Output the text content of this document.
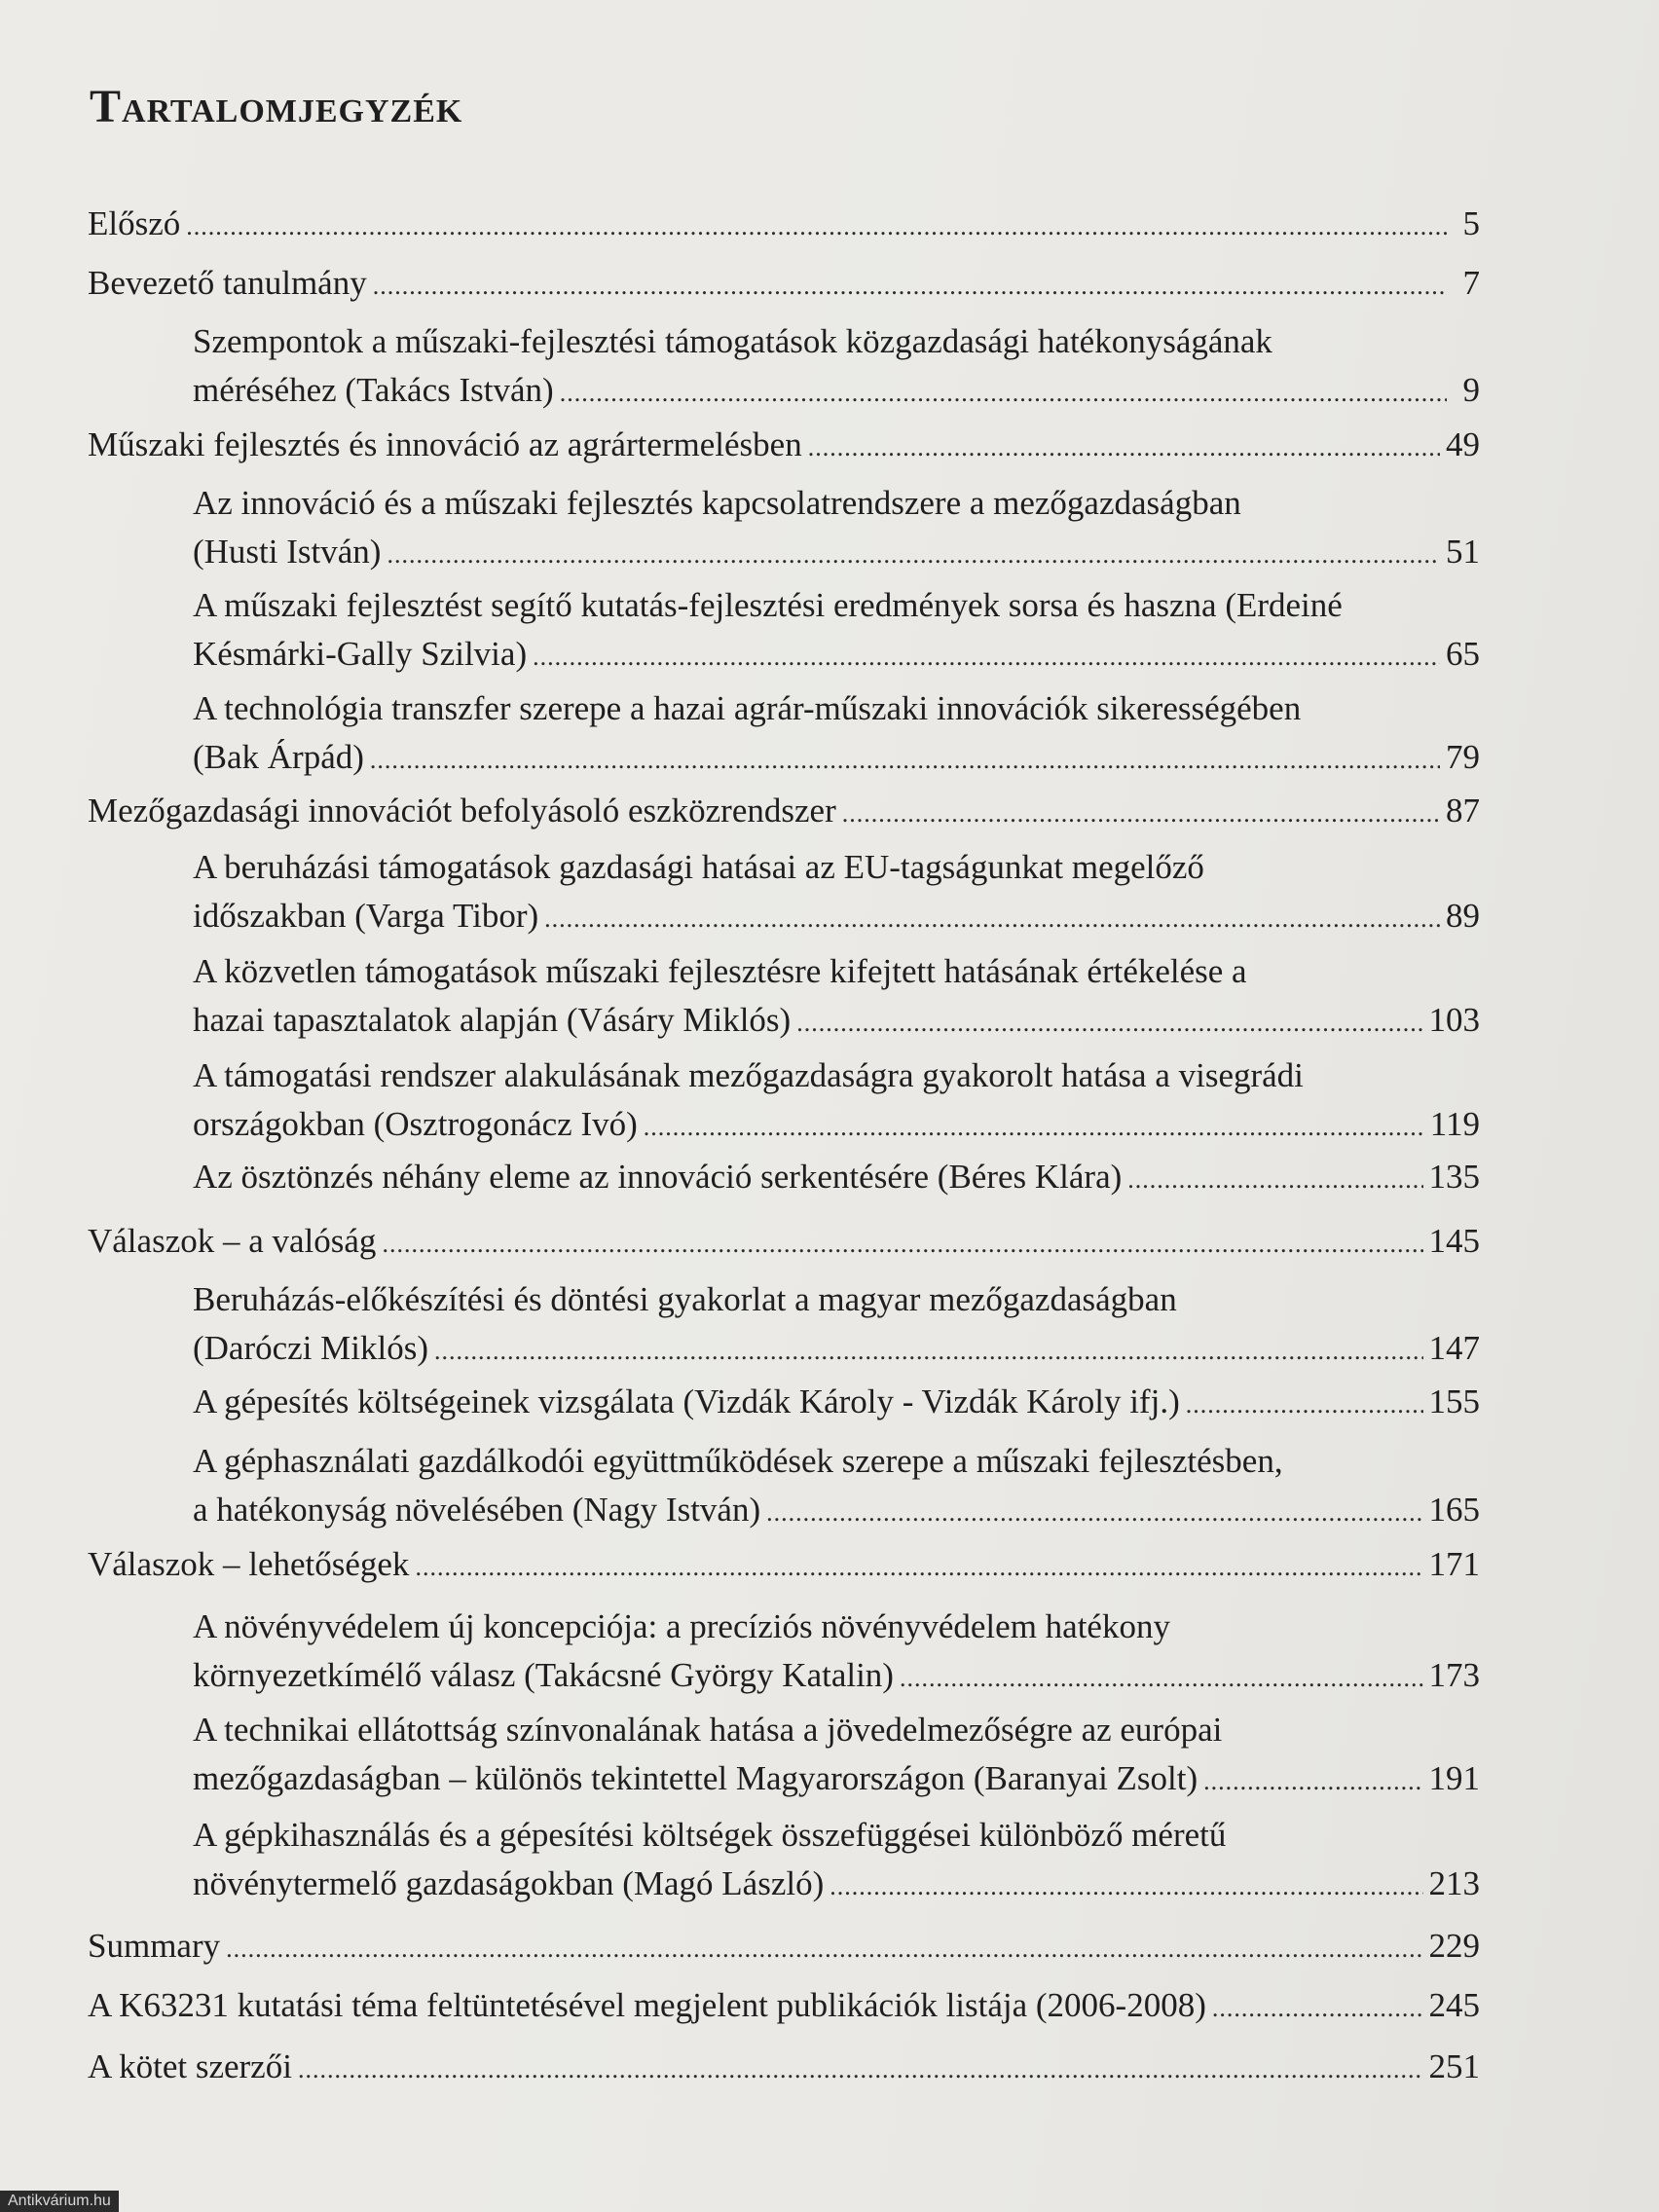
Tartalomjegyzék
Előszó .....	5
Bevezető tanulmány .....	7
Szempontok a műszaki-fejlesztési támogatások közgazdasági hatékonyságának
méréséhez (Takács István) .....	9
Műszaki fejlesztés és innováció az agrártermelésben .....	49
Az innováció és a műszaki fejlesztés kapcsolatrendszere a mezőgazdaságban
(Husti István) .....	51
A műszaki fejlesztést segítő kutatás-fejlesztési eredmények sorsa és haszna (Erdeiné
Késmárki-Gally Szilvia) .....	65
A technológia transzfer szerepe a hazai agrár-műszaki innovációk sikerességében
(Bak Árpád) .....	79
Mezőgazdasági innovációt befolyásoló eszközrendszer .....	87
A beruházási támogatások gazdasági hatásai az EU-tagságunkat megelőző
időszakban (Varga Tibor) .....	89
A közvetlen támogatások műszaki fejlesztésre kifejtett hatásának értékelése a
hazai tapasztalatok alapján (Vásáry Miklós) .....	103
A támogatási rendszer alakulásának mezőgazdaságra gyakorolt hatása a visegrádi
országokban (Osztrogonácz Ivó) .....	119
Az ösztönzés néhány eleme az innováció serkentésére (Béres Klára) .....	135
Válaszok – a valóság .....	145
Beruházás-előkészítési és döntési gyakorlat a magyar mezőgazdaságban
(Daróczi Miklós) .....	147
A gépesítés költségeinek vizsgálata (Vizdák Károly - Vizdák Károly ifj.) .....	155
A géphasználati gazdálkodói együttműködések szerepe a műszaki fejlesztésben,
a hatékonyság növelésében (Nagy István) .....	165
Válaszok – lehetőségek .....	171
A növényvédelem új koncepciója: a precíziós növényvédelem hatékony
környezetkímélő válasz (Takácsné György Katalin) .....	173
A technikai ellátottság színvonalának hatása a jövedelmezőségre az európai
mezőgazdaságban – különös tekintettel Magyarországon (Baranyai Zsolt) .....	191
A gépkihasználás és a gépesítési költségek összefüggései különböző méretű
növénytermelő gazdaságokban (Magó László) .....	213
Summary .....	229
A K63231 kutatási téma feltüntetésével megjelent publikációk listája (2006-2008) .....	245
A kötet szerzői .....	251
Antikvárium.hu
